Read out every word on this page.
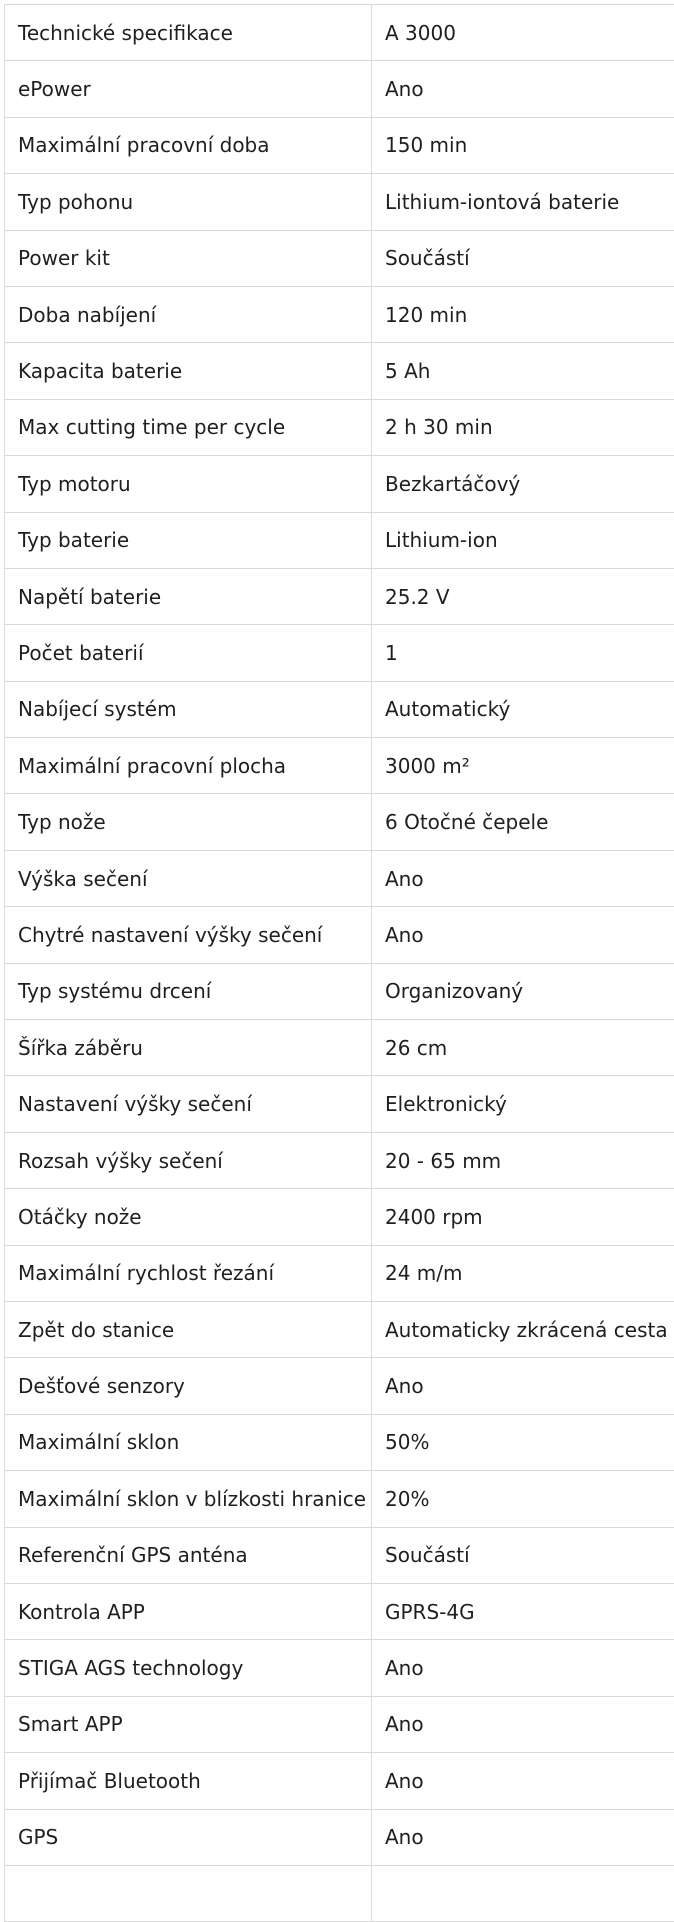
Technické specifikace	A 3000
ePower	Ano
Maximální pracovní doba	150 min
Typ pohonu	Lithium-iontová baterie
Power kit	Součástí
Doba nabíjení	120 min
Kapacita baterie	5 Ah
Max cutting time per cycle	2 h 30 min
Typ motoru	Bezkartáčový
Typ baterie	Lithium-ion
Napětí baterie	25.2 V
Počet baterií	1
Nabíjecí systém	Automatický
Maximální pracovní plocha	3000 m²
Typ nože	6 Otočné čepele
Výška sečení	Ano
Chytré nastavení výšky sečení	Ano
Typ systému drcení	Organizovaný
Šířka záběru	26 cm
Nastavení výšky sečení	Elektronický
Rozsah výšky sečení	20 - 65 mm
Otáčky nože	2400 rpm
Maximální rychlost řezání	24 m/m
Zpět do stanice	Automaticky zkrácená cesta
Dešťové senzory	Ano
Maximální sklon	50%
Maximální sklon v blízkosti hranice	20%
Referenční GPS anténa	Součástí
Kontrola APP	GPRS-4G
STIGA AGS technology	Ano
Smart APP	Ano
Přijímač Bluetooth	Ano
GPS	Ano
